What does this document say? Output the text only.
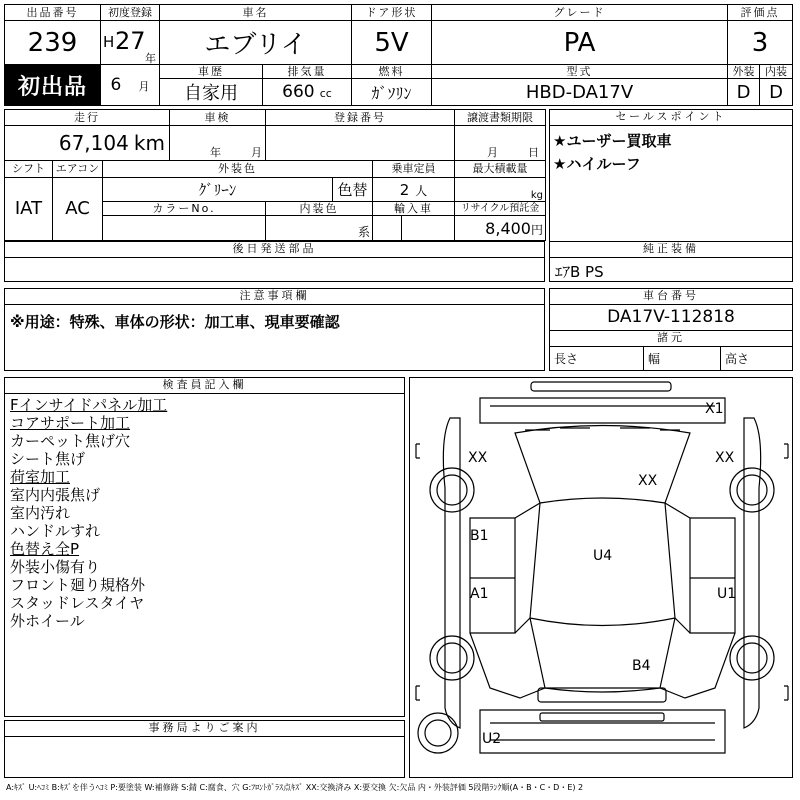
出品番号	初度登録	車名		ドア形状	グレード	評価点	
239	H 27
年	エブリイ		5V	PA	3	
初出品	6 月	車歴	排気量	燃料	型式	外装	内装
		自家用	660 cc	ｶﾞｿﾘﾝ	HBD-DA17V	D	D
走行			車検	登録番号				譲渡書類期限
67,104 km			年 月					月 日
シフト	エアコン	外装色				乗車定員		最大積載量
IAT	AC	ｸﾞﾘｰﾝ			色替	2 人		kg
		カラーNo.		内装色		輸入車		リサイクル預託金
				系				8,400円
後日発送部品
セールスポイント
★ユーザー買取車
★ハイルーフ
純正装備
ｴｱB PS
注意事項欄
※用途：特殊、車体の形状：加工車、現車要確認
車台番号
DA17V-112818
諸元
長さ	幅	高さ
検査員記入欄
Fインサイドパネル加工
コアサポート加工
カーペット焦げ穴
シート焦げ
荷室加工
室内内張焦げ
室内汚れ
ハンドルすれ
色替え全P
外装小傷有り
フロント廻り規格外
スタッドレスタイヤ
外ホイール
事務局よりご案内
X1
XX	XX
XX
B1
U4
A1	U1
B4
U2
A:ｷｽﾞ U:ﾍｺﾐ B:ｷｽﾞを伴うﾍｺﾐ P:要塗装 W:補修跡 S:錆 C:腐食、穴 G:ﾌﾛﾝﾄｶﾞﾗｽ点ｷｽﾞ XX:交換済み X:要交換 欠:欠品 内・外装評価 5段階ﾗﾝｸ順(A・B・C・D・E) 2
